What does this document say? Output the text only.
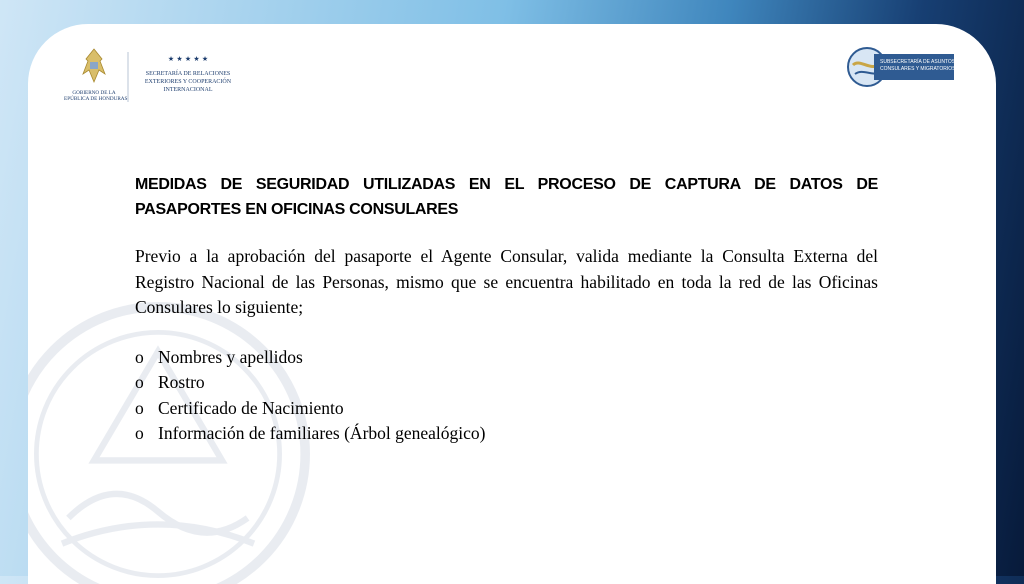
GOBIERNO DE LA
REPÚBLICA DE HONDURAS
★ ★ ★ ★ ★
SECRETARÍA DE RELACIONES
EXTERIORES Y COOPERACIÓN
INTERNACIONAL
SUBSECRETARÍA DE ASUNTOS
CONSULARES Y MIGRATORIOS
MEDIDAS DE SEGURIDAD UTILIZADAS EN EL PROCESO DE CAPTURA DE DATOS DE PASAPORTES EN OFICINAS CONSULARES

Previo a la aprobación del pasaporte el Agente Consular, valida mediante la Consulta Externa del Registro Nacional de las Personas, mismo que se encuentra habilitado en toda la red de las Oficinas Consulares lo siguiente;

o Nombres y apellidos
o Rostro
o Certificado de Nacimiento
o Información de familiares (Árbol genealógico)
